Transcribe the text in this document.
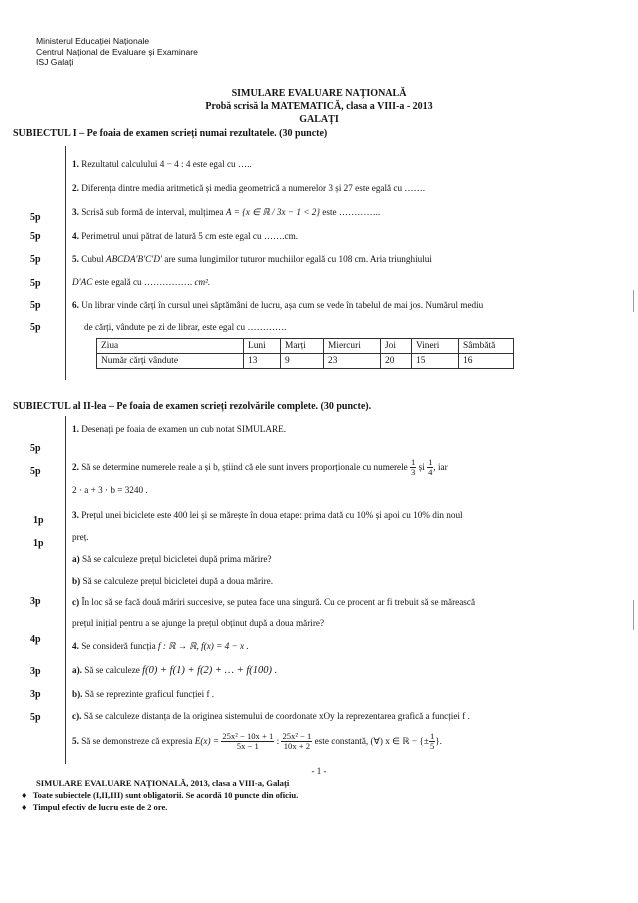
Ministerul Educației Naționale
Centrul Național de Evaluare și Examinare
ISJ Galați
SIMULARE EVALUARE NAȚIONALĂ
Probă scrisă la MATEMATICĂ, clasa a VIII-a - 2013
GALAȚI
SUBIECTUL I – Pe foaia de examen scrieți numai rezultatele. (30 puncte)
5p
5p
5p
5p
5p
5p
1. Rezultatul calculului 4 − 4 : 4 este egal cu …..
2. Diferența dintre media aritmetică și media geometrică a numerelor 3 și 27 este egală cu …….
3. Scrisă sub formă de interval, mulțimea A = {x ∈ ℝ / 3x − 1 < 2} este …………..
4. Perimetrul unui pătrat de latură 5 cm este egal cu …….cm.
5. Cubul ABCDA′B′C′D′ are suma lungimilor tuturor muchiilor egală cu 108 cm. Aria triunghiului
D′AC este egală cu ……………. cm².
6. Un librar vinde cărți în cursul unei săptămâni de lucru, așa cum se vede în tabelul de mai jos. Numărul mediu
de cărți, vândute pe zi de librar, este egal cu ………….
Ziua	Luni	Marți	Miercuri	Joi	Vineri	Sâmbătă
Număr cărți vândute	13	9	23	20	15	16
SUBIECTUL al II-lea – Pe foaia de examen scrieți rezolvările complete. (30 puncte).
5p
5p
1p
1p
3p
4p
3p
3p
5p
1. Desenați pe foaia de examen un cub notat SIMULARE.
2. Să se determine numerele reale a și b, știind că ele sunt invers proporționale cu numerele $\frac{1}{3}$ și $\frac{1}{4}$ , iar
2 · a + 3 · b = 3240 .
3. Prețul unei biciclete este 400 lei și se mărește în doua etape: prima dată cu 10% și apoi cu 10% din noul
preț.
a) Să se calculeze prețul bicicletei după prima mărire?
b) Să se calculeze prețul bicicletei după a doua mărire.
c) În loc să se facă două măriri succesive, se putea face una singură. Cu ce procent ar fi trebuit să se mărească
prețul inițial pentru a se ajunge la prețul obținut după a doua mărire?
4. Se consideră funcția f : ℝ → ℝ, f(x) = 4 − x .
a). Să se calculeze f(0) + f(1) + f(2) + … + f(100) .
b). Să se reprezinte graficul funcției f .
c). Să se calculeze distanța de la originea sistemului de coordonate xOy la reprezentarea grafică a funcției f .
5. Să se demonstreze că expresia $E(x) = \frac{\text{25x² − 10x + 1}}{5x - 1}$ : $\frac{\text{25x² − 1}}{10x + 2}$ este constantă, (∀) x ∈ ℝ − {± $\frac{1}{5}$ }.
- 1 -
SIMULARE EVALUARE NAȚIONALĂ, 2013, clasa a VIII-a, Galați
♦ Toate subiectele (I,II,III) sunt obligatorii. Se acordă 10 puncte din oficiu.
♦ Timpul efectiv de lucru este de 2 ore.
